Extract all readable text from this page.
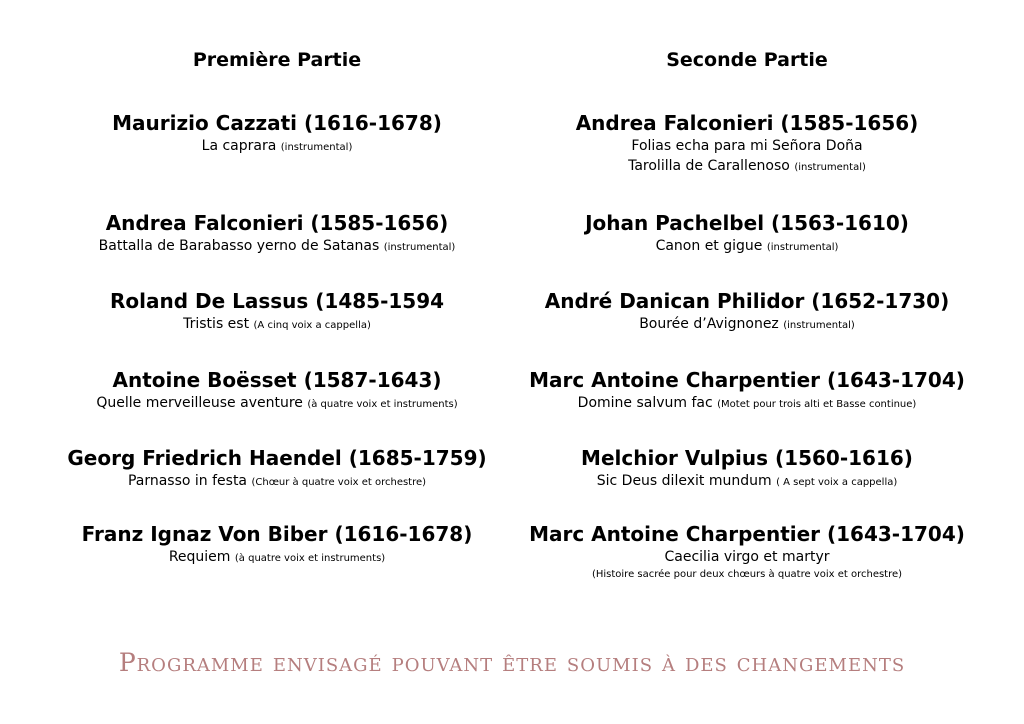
Première Partie
Maurizio Cazzati (1616-1678)
La caprara (instrumental)
Andrea Falconieri (1585-1656)
Battalla de Barabasso yerno de Satanas (instrumental)
Roland De Lassus (1485-1594
Tristis est (A cinq voix a cappella)
Antoine Boësset (1587-1643)
Quelle merveilleuse aventure (à quatre voix et instruments)
Georg Friedrich Haendel (1685-1759)
Parnasso in festa (Chœur à quatre voix et orchestre)
Franz Ignaz Von Biber (1616-1678)
Requiem (à quatre voix et instruments)
Seconde Partie
Andrea Falconieri (1585-1656)
Folias echa para mi Señora Doña
Tarolilla de Carallenoso (instrumental)
Johan Pachelbel (1563-1610)
Canon et gigue (instrumental)
André Danican Philidor (1652-1730)
Bourée d’Avignonez (instrumental)
Marc Antoine Charpentier (1643-1704)
Domine salvum fac (Motet pour trois alti et Basse continue)
Melchior Vulpius (1560-1616)
Sic Deus dilexit mundum ( A sept voix a cappella)
Marc Antoine Charpentier (1643-1704)
Caecilia virgo et martyr
(Histoire sacrée pour deux chœurs à quatre voix et orchestre)
Programme envisagé pouvant être soumis à des changements
